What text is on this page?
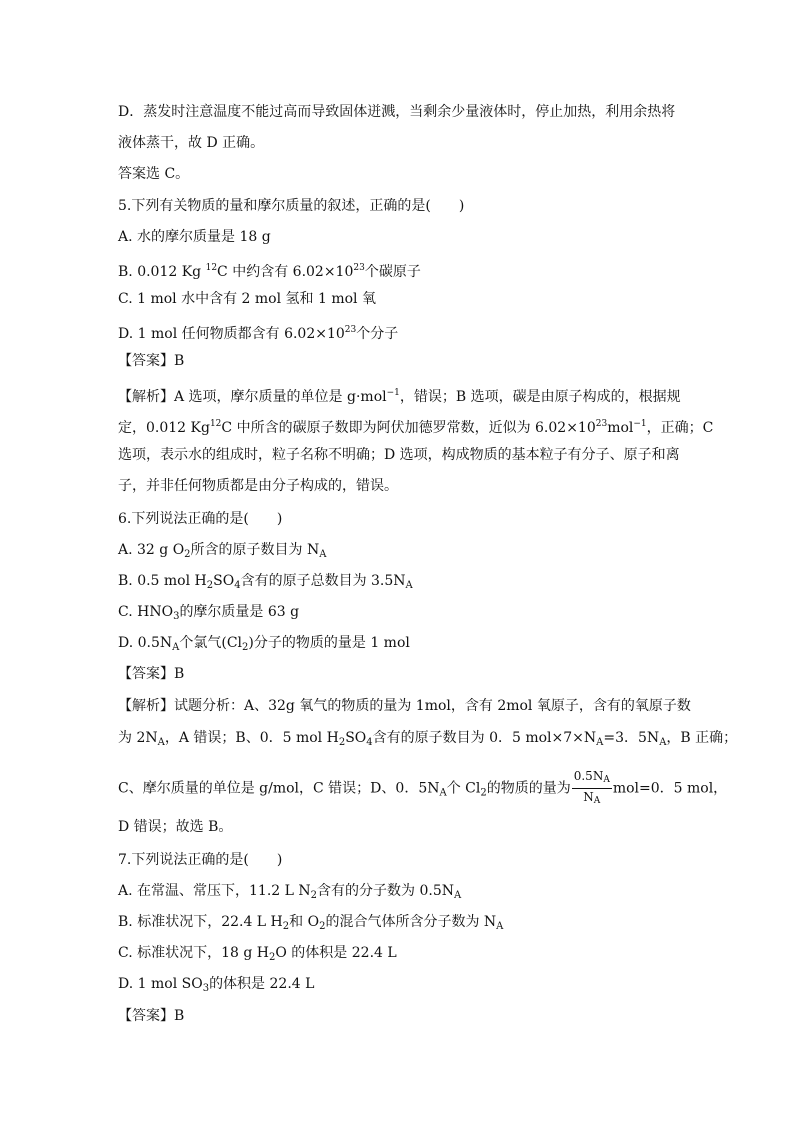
D．蒸发时注意温度不能过高而导致固体迸溅，当剩余少量液体时，停止加热，利用余热将
液体蒸干，故 D 正确。
答案选 C。
5.下列有关物质的量和摩尔质量的叙述，正确的是(　　)
A. 水的摩尔质量是 18 g
B. 0.012 Kg $^{12}$C 中约含有 $6.02\times 10^{23}$个碳原子
C. 1 mol 水中含有 2 mol 氢和 1 mol 氧
D. 1 mol 任何物质都含有 $6.02\times 10^{23}$个分子
【答案】B
【解析】A 选项，摩尔质量的单位是 g·mol$^{-1}$，错误；B 选项，碳是由原子构成的，根据规
定，0.012 Kg$^{12}$C 中所含的碳原子数即为阿伏加德罗常数，近似为 $6.02\times 10^{23}mol^{-1}$，正确；C
选项，表示水的组成时，粒子名称不明确；D 选项，构成物质的基本粒子有分子、原子和离
子，并非任何物质都是由分子构成的，错误。
6.下列说法正确的是(　　)
A. 32 g $O_2$所含的原子数目为 $N_A$
B. 0.5 mol $H_2SO_4$含有的原子总数目为 $3.5N_A$
C. $HNO_3$的摩尔质量是 63 g
D. $0.5N_A$个氯气$(Cl_2)$分子的物质的量是 1 mol
【答案】B
【解析】试题分析：A、32g 氧气的物质的量为 1mol，含有 2mol 氧原子，含有的氧原子数
为 $2N_A$，A 错误；B、0．5 mol $H_2SO_4$含有的原子数目为 0．5 $mol\times 7\times N_A=3$．$5N_A$，B 正确；
C、摩尔质量的单位是 g/mol，C 错误；D、0．$5N_A$个 $Cl_2$的物质的量为 $\frac{0.5N_A}{N_A} mol=0$．5 mol，
D 错误；故选 B。
7.下列说法正确的是(　　)
A. 在常温、常压下，11.2 L $N_2$含有的分子数为 $0.5N_A$
B. 标准状况下，22.4 L $H_2$和 $O_2$的混合气体所含分子数为 $N_A$
C. 标准状况下，18 g $H_2O$ 的体积是 22.4 L
D. 1 mol $SO_3$的体积是 22.4 L
【答案】B
